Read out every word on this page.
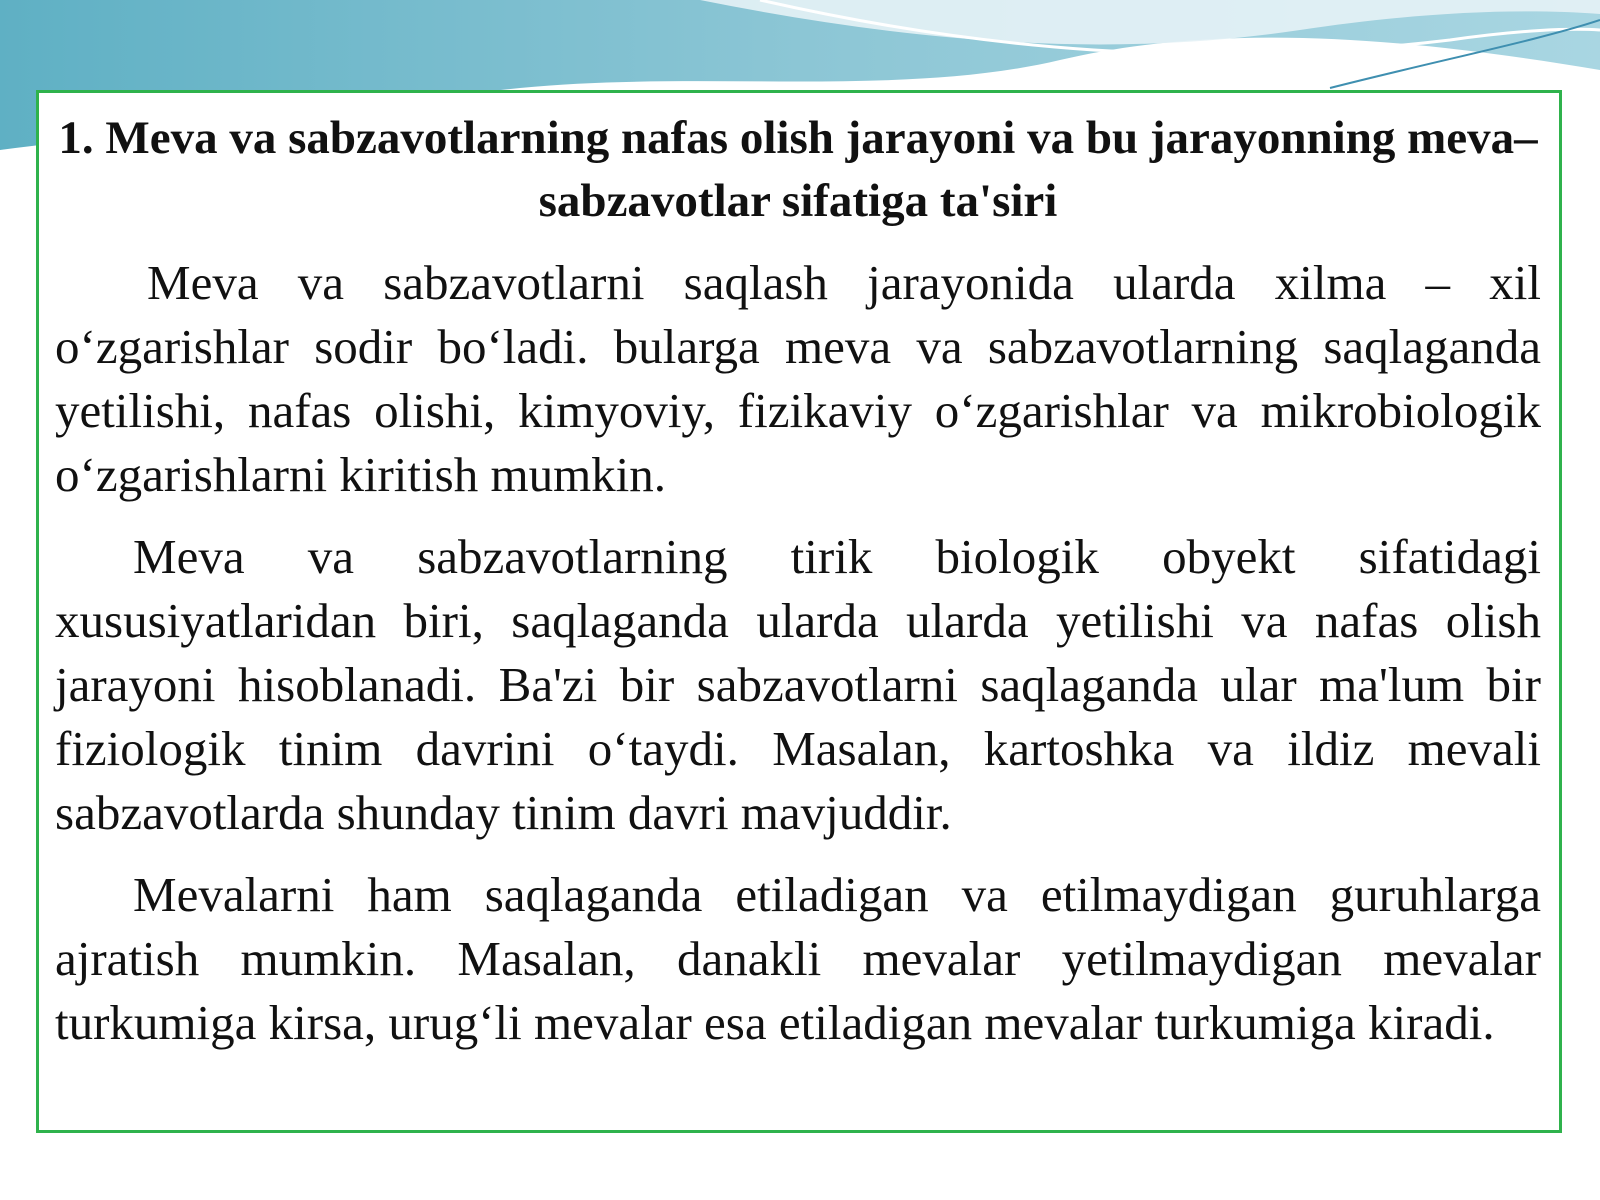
1. Meva va sabzavotlarning nafas olish jarayoni va bu jarayonning meva–sabzavotlar sifatiga ta'siri

Meva va sabzavotlarni saqlash jarayonida ularda xilma – xil o‘zgarishlar sodir bo‘ladi. bularga meva va sabzavotlarning saqlaganda yetilishi, nafas olishi, kimyoviy, fizikaviy o‘zgarishlar va mikrobiologik o‘zgarishlarni kiritish mumkin.

Meva va sabzavotlarning tirik biologik obyekt sifatidagi xususiyatlaridan biri, saqlaganda ularda ularda yetilishi va nafas olish jarayoni hisoblanadi. Ba'zi bir sabzavotlarni saqlaganda ular ma'lum bir fiziologik tinim davrini o‘taydi. Masalan, kartoshka va ildiz mevali sabzavotlarda shunday tinim davri mavjuddir.

Mevalarni ham saqlaganda etiladigan va etilmaydigan guruhlarga ajratish mumkin. Masalan, danakli mevalar yetilmaydigan mevalar turkumiga kirsa, urug‘li mevalar esa etiladigan mevalar turkumiga kiradi.
